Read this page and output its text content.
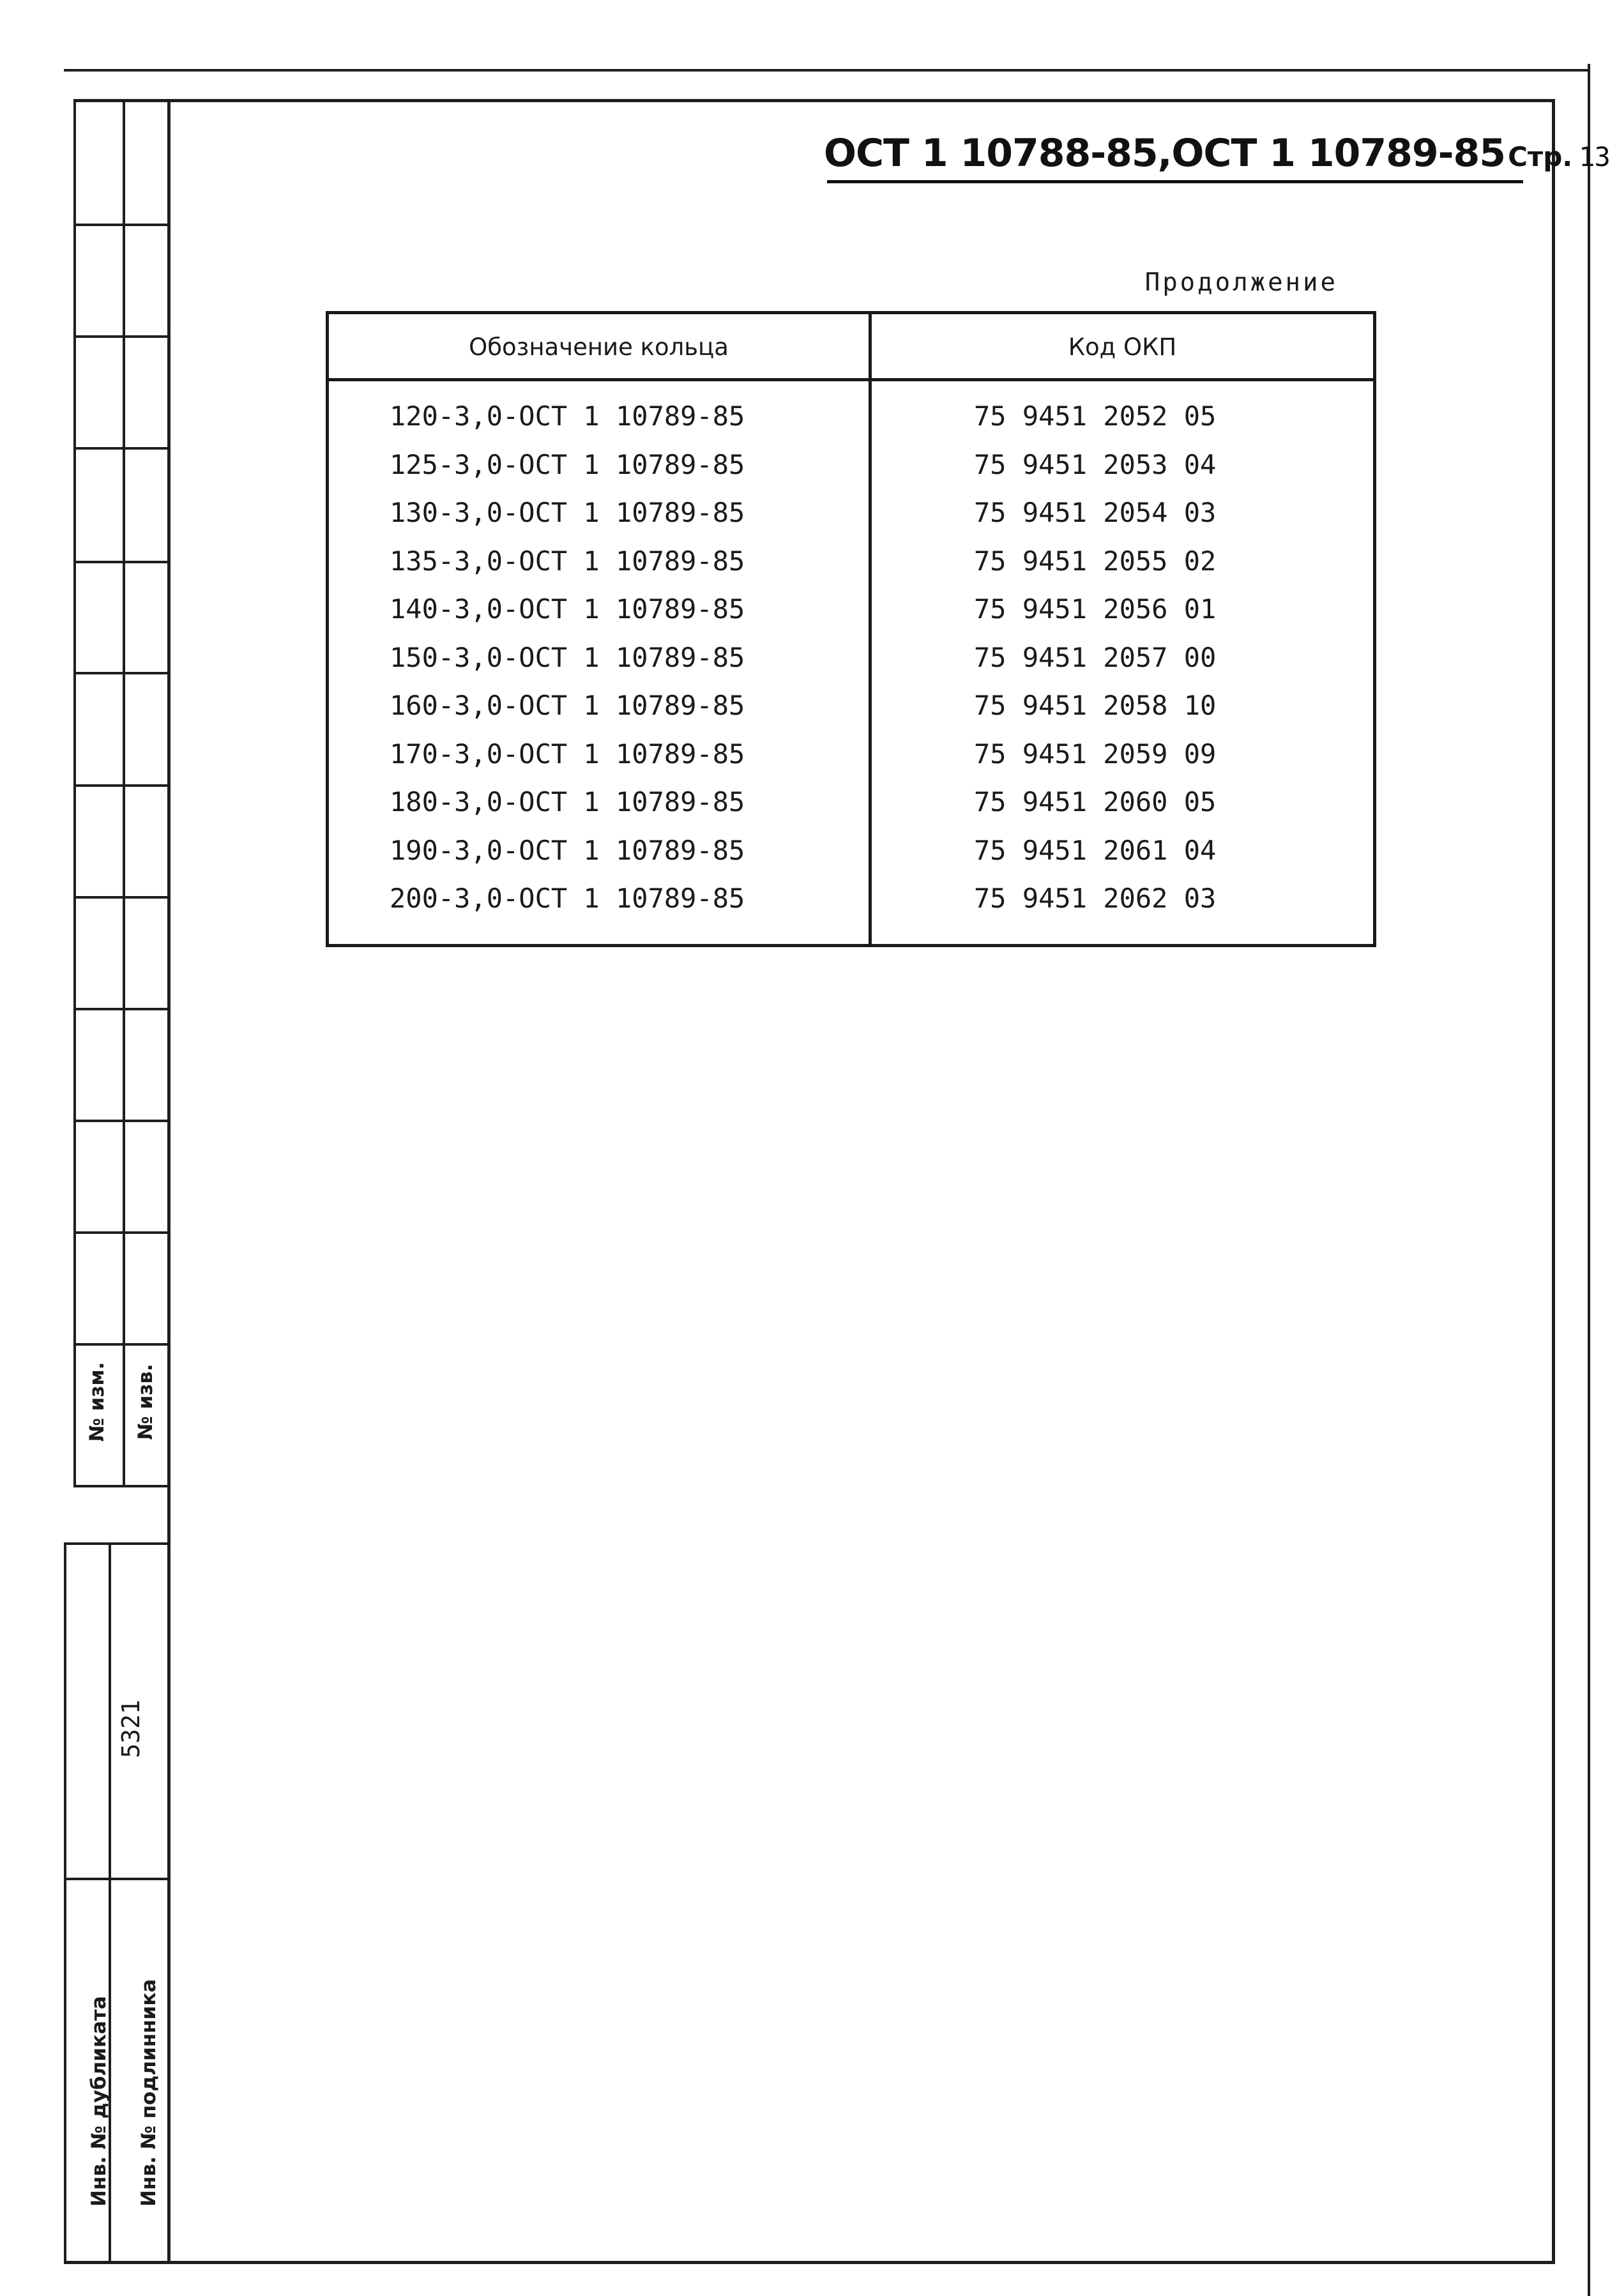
№ изм. № изв.
Инв. № дубликата Инв. № подлинника
5321
ОСТ 1 10788-85,ОСТ 1 10789-85Стр. 13
Продолжение
Обозначение кольца	Код ОКП
120-3,0-ОСТ 1 10789-85	75 9451 2052 05
125-3,0-ОСТ 1 10789-85	75 9451 2053 04
130-3,0-ОСТ 1 10789-85	75 9451 2054 03
135-3,0-ОСТ 1 10789-85	75 9451 2055 02
140-3,0-ОСТ 1 10789-85	75 9451 2056 01
150-3,0-ОСТ 1 10789-85	75 9451 2057 00
160-3,0-ОСТ 1 10789-85	75 9451 2058 10
170-3,0-ОСТ 1 10789-85	75 9451 2059 09
180-3,0-ОСТ 1 10789-85	75 9451 2060 05
190-3,0-ОСТ 1 10789-85	75 9451 2061 04
200-3,0-ОСТ 1 10789-85	75 9451 2062 03
